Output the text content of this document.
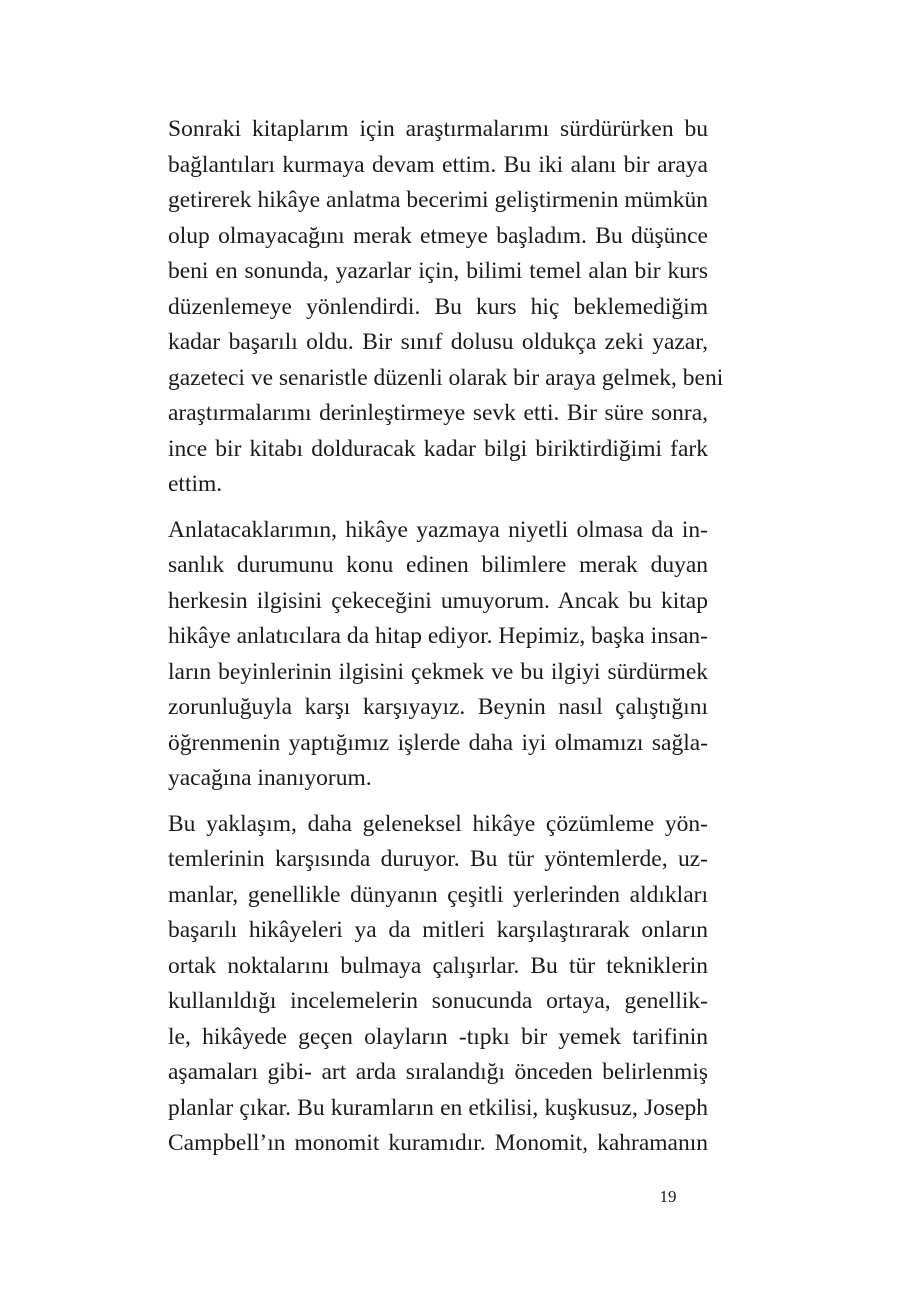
Sonraki kitaplarım için araştırmalarımı sürdürürken bu
bağlantıları kurmaya devam ettim. Bu iki alanı bir araya
getirerek hikâye anlatma becerimi geliştirmenin mümkün
olup olmayacağını merak etmeye başladım. Bu düşünce
beni en sonunda, yazarlar için, bilimi temel alan bir kurs
düzenlemeye yönlendirdi. Bu kurs hiç beklemediğim
kadar başarılı oldu. Bir sınıf dolusu oldukça zeki yazar,
gazeteci ve senaristle düzenli olarak bir araya gelmek, beni
araştırmalarımı derinleştirmeye sevk etti. Bir süre sonra,
ince bir kitabı dolduracak kadar bilgi biriktirdiğimi fark
ettim.
Anlatacaklarımın, hikâye yazmaya niyetli olmasa da in-
sanlık durumunu konu edinen bilimlere merak duyan
herkesin ilgisini çekeceğini umuyorum. Ancak bu kitap
hikâye anlatıcılara da hitap ediyor. Hepimiz, başka insan-
ların beyinlerinin ilgisini çekmek ve bu ilgiyi sürdürmek
zorunluğuyla karşı karşıyayız. Beynin nasıl çalıştığını
öğrenmenin yaptığımız işlerde daha iyi olmamızı sağla-
yacağına inanıyorum.
Bu yaklaşım, daha geleneksel hikâye çözümleme yön-
temlerinin karşısında duruyor. Bu tür yöntemlerde, uz-
manlar, genellikle dünyanın çeşitli yerlerinden aldıkları
başarılı hikâyeleri ya da mitleri karşılaştırarak onların
ortak noktalarını bulmaya çalışırlar. Bu tür tekniklerin
kullanıldığı incelemelerin sonucunda ortaya, genellik-
le, hikâyede geçen olayların -tıpkı bir yemek tarifinin
aşamaları gibi- art arda sıralandığı önceden belirlenmiş
planlar çıkar. Bu kuramların en etkilisi, kuşkusuz, Joseph
Campbell’ın monomit kuramıdır. Monomit, kahramanın
19
